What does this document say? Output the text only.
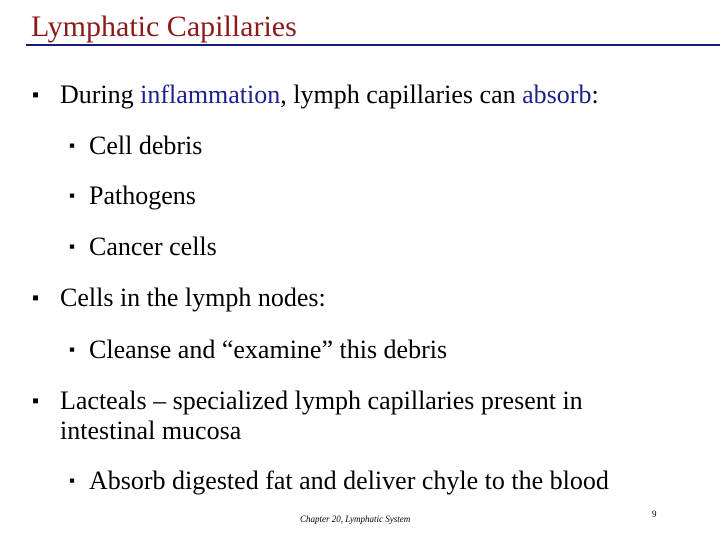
Lymphatic Capillaries
▪ During inflammation, lymph capillaries can absorb:
▪ Cell debris
▪ Pathogens
▪ Cancer cells
▪ Cells in the lymph nodes:
▪ Cleanse and “examine” this debris
▪ Lacteals – specialized lymph capillaries present in
intestinal mucosa
▪ Absorb digested fat and deliver chyle to the blood
Chapter 20, Lymphatic System	9
